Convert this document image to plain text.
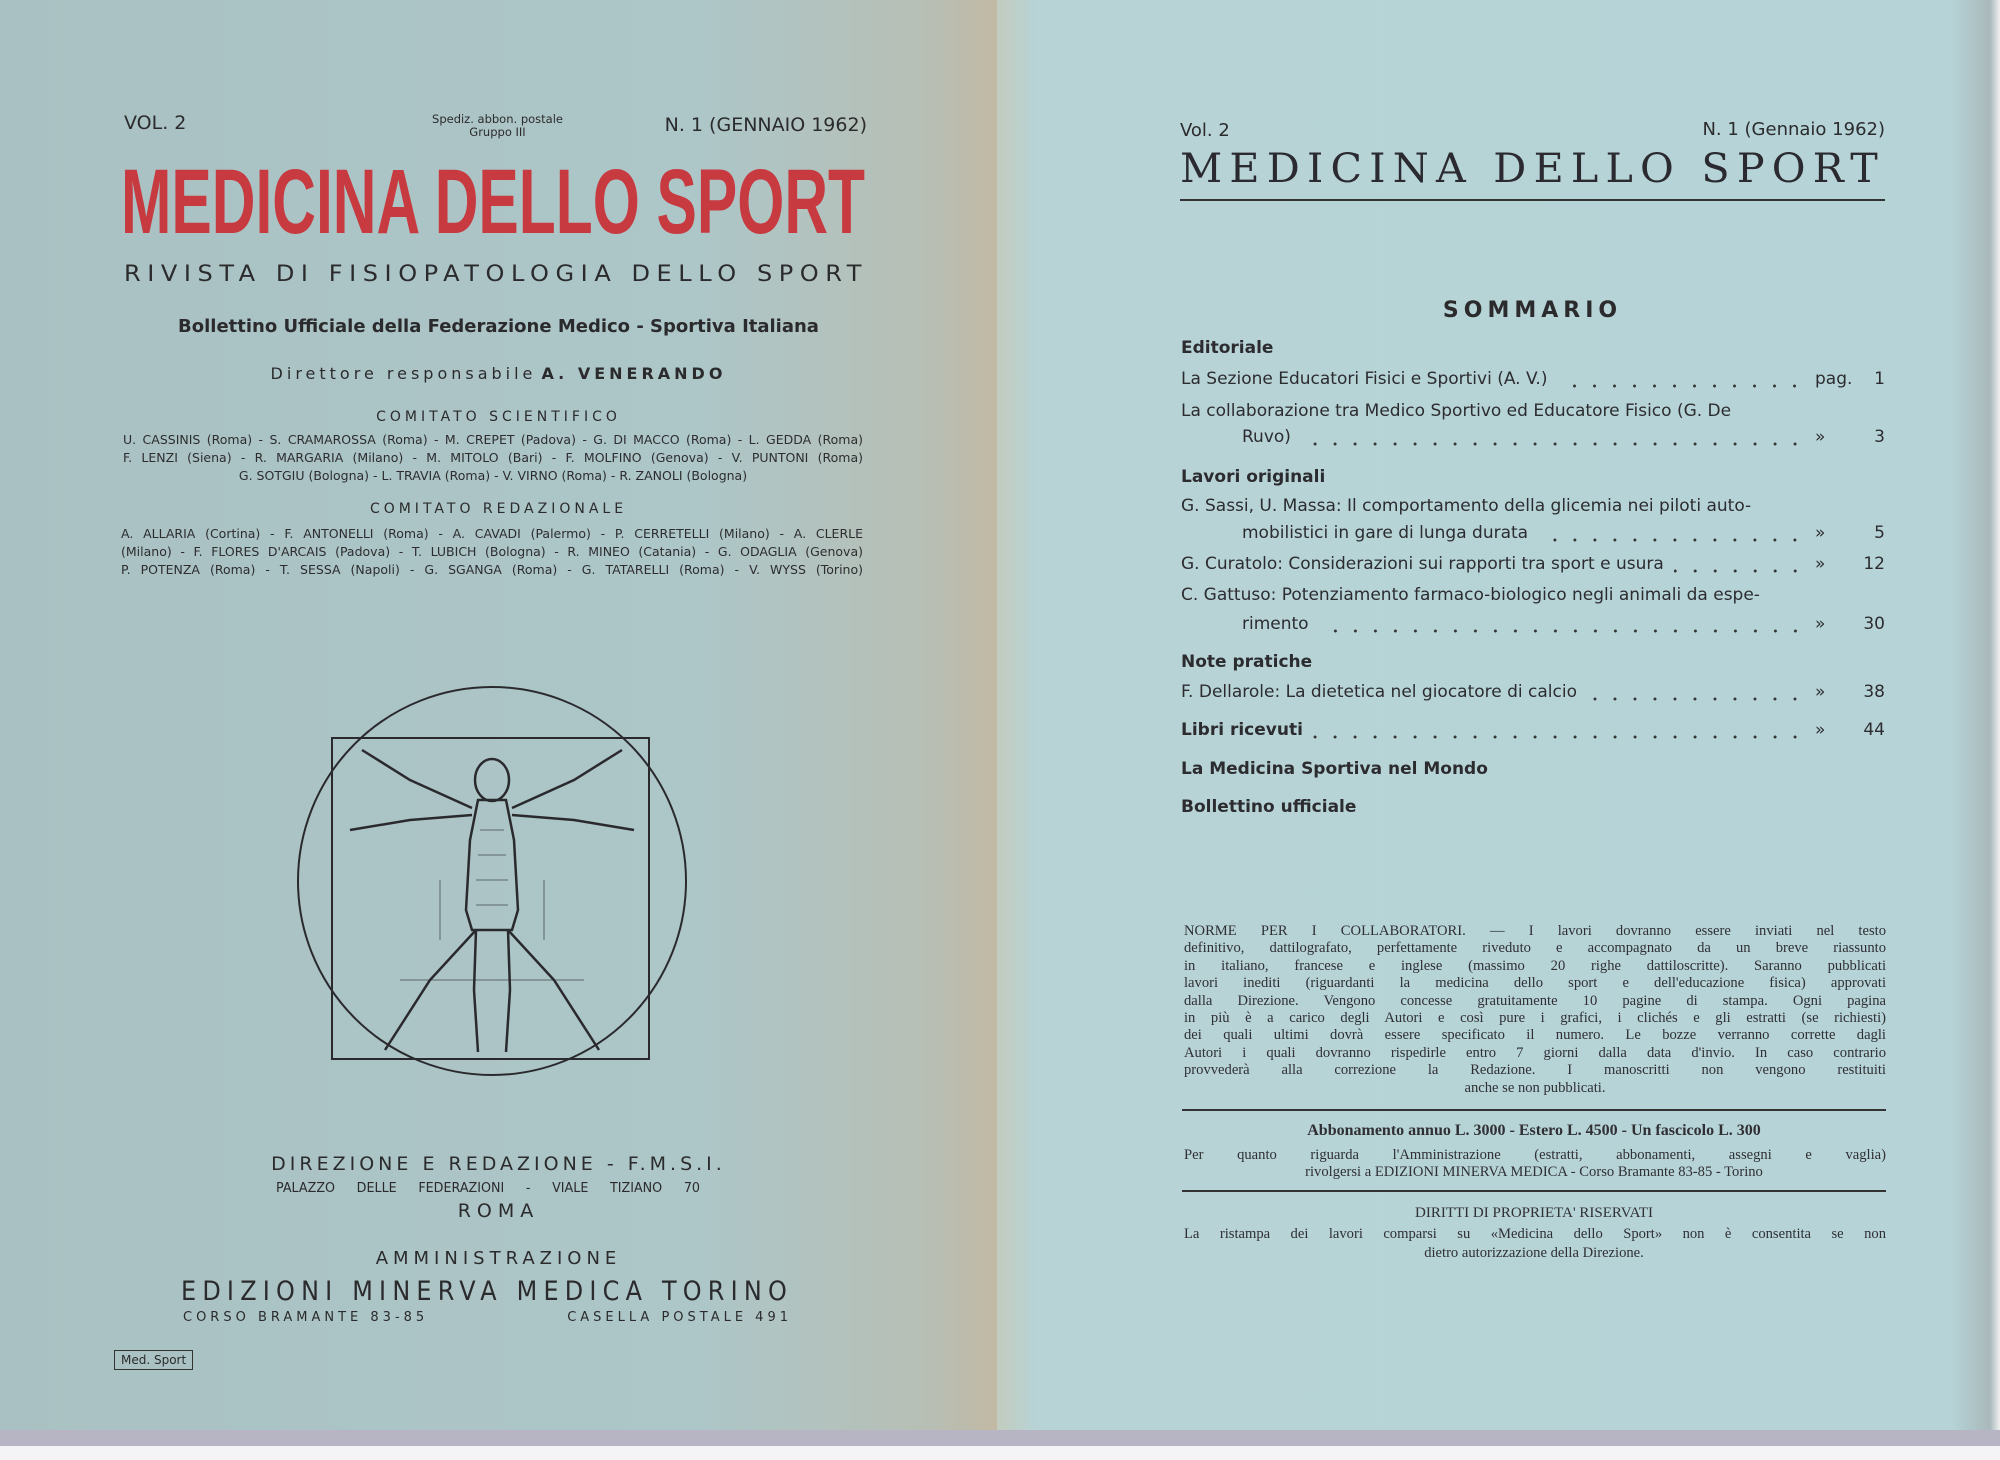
VOL. 2	Spediz. abbon. postale
Gruppo III	N. 1 (GENNAIO 1962)
MEDICINA DELLO SPORT
RIVISTA DI FISIOPATOLOGIA DELLO SPORT
Bollettino Ufficiale della Federazione Medico - Sportiva Italiana
Direttore responsabile A. VENERANDO
COMITATO SCIENTIFICO
U. CASSINIS (Roma) - S. CRAMAROSSA (Roma) - M. CREPET (Padova) - G. DI MACCO (Roma) - L. GEDDA (Roma)
F. LENZI (Siena) - R. MARGARIA (Milano) - M. MITOLO (Bari) - F. MOLFINO (Genova) - V. PUNTONI (Roma)
G. SOTGIU (Bologna) - L. TRAVIA (Roma) - V. VIRNO (Roma) - R. ZANOLI (Bologna)
COMITATO REDAZIONALE
A. ALLARIA (Cortina) - F. ANTONELLI (Roma) - A. CAVADI (Palermo) - P. CERRETELLI (Milano) - A. CLERLE
(Milano) - F. FLORES D'ARCAIS (Padova) - T. LUBICH (Bologna) - R. MINEO (Catania) - G. ODAGLIA (Genova)
P. POTENZA (Roma) - T. SESSA (Napoli) - G. SGANGA (Roma) - G. TATARELLI (Roma) - V. WYSS (Torino)
DIREZIONE E REDAZIONE - F.M.S.I.
PALAZZO DELLE FEDERAZIONI - VIALE TIZIANO 70
ROMA
AMMINISTRAZIONE
EDIZIONI MINERVA MEDICA TORINO
CORSO BRAMANTE 83-85	CASELLA POSTALE 491
Med. Sport
Vol. 2	N. 1 (Gennaio 1962)
MEDICINA DELLO SPORT
SOMMARIO
Editoriale
La Sezione Educatori Fisici e Sportivi (A. V.)	pag.	1
La collaborazione tra Medico Sportivo ed Educatore Fisico (G. De
Ruvo)	»	3
Lavori originali
G. Sassi, U. Massa: Il comportamento della glicemia nei piloti auto-
mobilistici in gare di lunga durata	»	5
G. Curatolo: Considerazioni sui rapporti tra sport e usura	»	12
C. Gattuso: Potenziamento farmaco-biologico negli animali da espe-
rimento	»	30
Note pratiche
F. Dellarole: La dietetica nel giocatore di calcio	»	38
Libri ricevuti	»	44
La Medicina Sportiva nel Mondo
Bollettino ufficiale
NORME PER I COLLABORATORI. — I lavori dovranno essere inviati nel testo
definitivo, dattilografato, perfettamente riveduto e accompagnato da un breve riassunto
in italiano, francese e inglese (massimo 20 righe dattiloscritte). Saranno pubblicati
lavori inediti (riguardanti la medicina dello sport e dell'educazione fisica) approvati
dalla Direzione. Vengono concesse gratuitamente 10 pagine di stampa. Ogni pagina
in più è a carico degli Autori e così pure i grafici, i clichés e gli estratti (se richiesti)
dei quali ultimi dovrà essere specificato il numero. Le bozze verranno corrette dagli
Autori i quali dovranno rispedirle entro 7 giorni dalla data d'invio. In caso contrario
provvederà alla correzione la Redazione. I manoscritti non vengono restituiti
anche se non pubblicati.
Abbonamento annuo L. 3000 - Estero L. 4500 - Un fascicolo L. 300
Per quanto riguarda l'Amministrazione (estratti, abbonamenti, assegni e vaglia)
rivolgersi a EDIZIONI MINERVA MEDICA - Corso Bramante 83-85 - Torino
DIRITTI DI PROPRIETA' RISERVATI
La ristampa dei lavori comparsi su «Medicina dello Sport» non è consentita se non
dietro autorizzazione della Direzione.
